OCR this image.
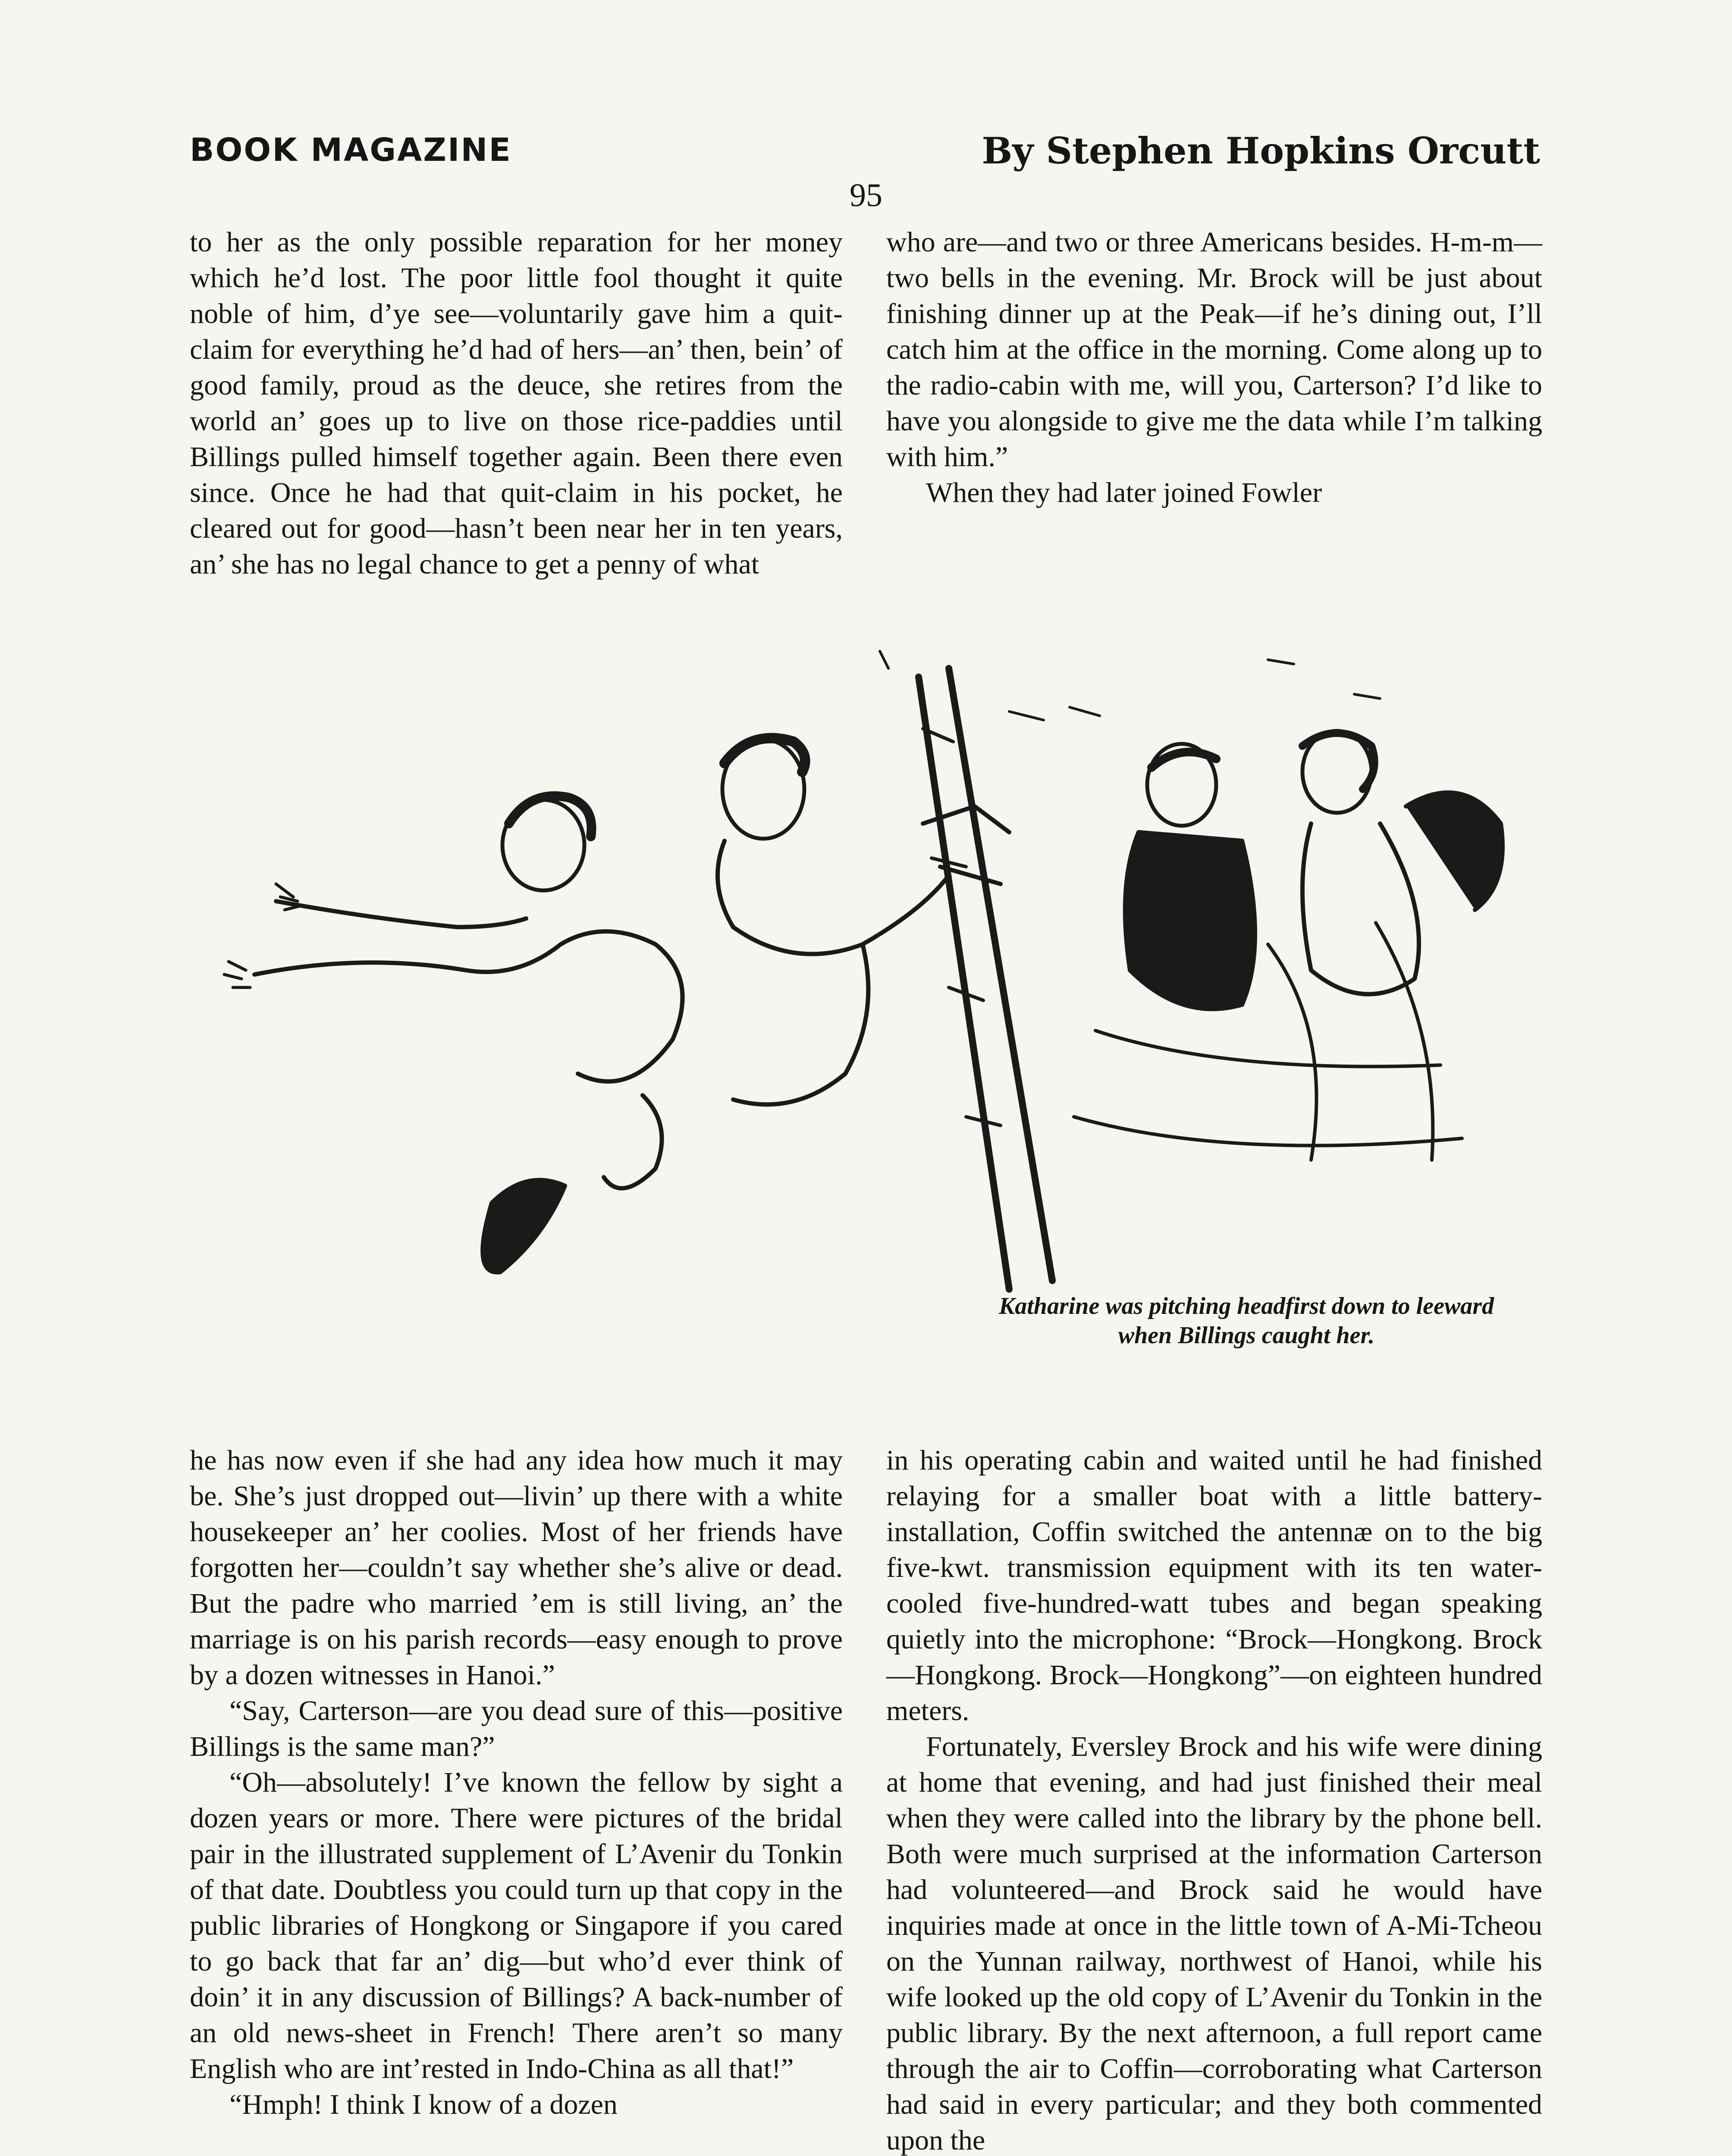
BOOK MAGAZINE	By Stephen Hopkins Orcutt
95

to her as the only possible reparation for her money which he’d lost. The poor little fool thought it quite noble of him, d’ye see—voluntarily gave him a quit-claim for everything he’d had of hers—an’ then, bein’ of good family, proud as the deuce, she retires from the world an’ goes up to live on those rice-paddies until Billings pulled himself together again. Been there even since. Once he had that quit-claim in his pocket, he cleared out for good—hasn’t been near her in ten years, an’ she has no legal chance to get a penny of what

who are—and two or three Americans besides. H-m-m—two bells in the evening. Mr. Brock will be just about finishing dinner up at the Peak—if he’s dining out, I’ll catch him at the office in the morning. Come along up to the radio-cabin with me, will you, Carterson? I’d like to have you alongside to give me the data while I’m talking with him.”

When they had later joined Fowler

Katharine was pitching headfirst down to leeward when Billings caught her.

he has now even if she had any idea how much it may be. She’s just dropped out—livin’ up there with a white housekeeper an’ her coolies. Most of her friends have forgotten her—couldn’t say whether she’s alive or dead. But the padre who married ’em is still living, an’ the marriage is on his parish records—easy enough to prove by a dozen witnesses in Hanoi.”

“Say, Carterson—are you dead sure of this—positive Billings is the same man?”

“Oh—absolutely! I’ve known the fellow by sight a dozen years or more. There were pictures of the bridal pair in the illustrated supplement of L’Avenir du Tonkin of that date. Doubtless you could turn up that copy in the public libraries of Hongkong or Singapore if you cared to go back that far an’ dig—but who’d ever think of doin’ it in any discussion of Billings? A back-number of an old news-sheet in French! There aren’t so many English who are int’rested in Indo-China as all that!”

“Hmph! I think I know of a dozen

in his operating cabin and waited until he had finished relaying for a smaller boat with a little battery-installation, Coffin switched the antennæ on to the big five-kwt. transmission equipment with its ten water-cooled five-hundred-watt tubes and began speaking quietly into the microphone: “Brock—Hongkong. Brock—Hongkong. Brock—Hongkong”—on eighteen hundred meters.

Fortunately, Eversley Brock and his wife were dining at home that evening, and had just finished their meal when they were called into the library by the phone bell. Both were much surprised at the information Carterson had volunteered—and Brock said he would have inquiries made at once in the little town of A-Mi-Tcheou on the Yunnan railway, northwest of Hanoi, while his wife looked up the old copy of L’Avenir du Tonkin in the public library. By the next afternoon, a full report came through the air to Coffin—corroborating what Carterson had said in every particular; and they both commented upon the
